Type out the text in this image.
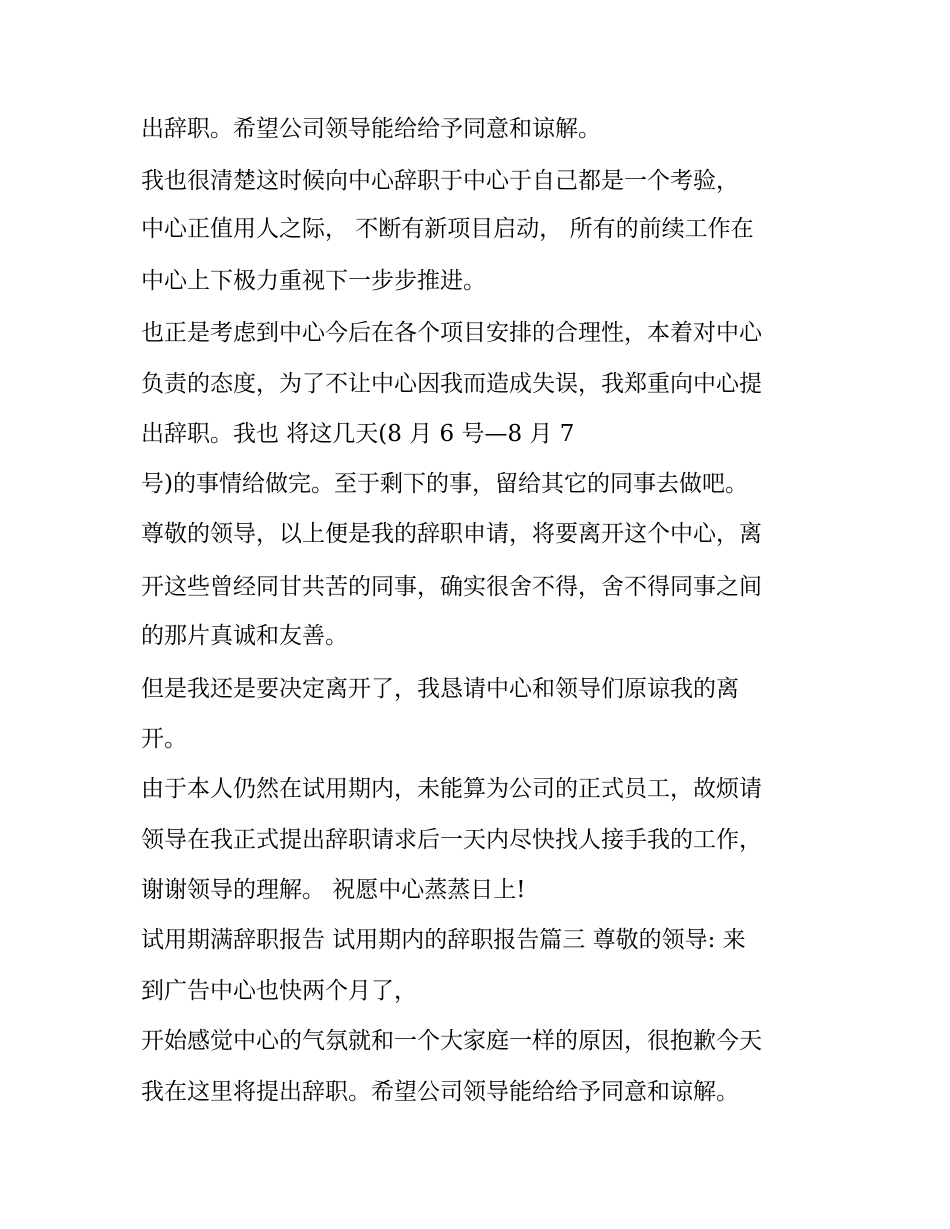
出辞职。希望公司领导能给给予同意和谅解。

我也很清楚这时候向中心辞职于中心于自己都是一个考验，

中心正值用人之际， 不断有新项目启动， 所有的前续工作在

中心上下极力重视下一步步推进。

也正是考虑到中心今后在各个项目安排的合理性，本着对中心

负责的态度，为了不让中心因我而造成失误，我郑重向中心提

出辞职。我也 将这几天(8 月 6 号—8 月 7

号)的事情给做完。至于剩下的事，留给其它的同事去做吧。

尊敬的领导，以上便是我的辞职申请，将要离开这个中心，离

开这些曾经同甘共苦的同事，确实很舍不得，舍不得同事之间

的那片真诚和友善。

但是我还是要决定离开了，我恳请中心和领导们原谅我的离

开。

由于本人仍然在试用期内，未能算为公司的正式员工，故烦请

领导在我正式提出辞职请求后一天内尽快找人接手我的工作，

谢谢领导的理解。 祝愿中心蒸蒸日上!

试用期满辞职报告 试用期内的辞职报告篇三 尊敬的领导: 来

到广告中心也快两个月了，

开始感觉中心的气氛就和一个大家庭一样的原因，很抱歉今天

我在这里将提出辞职。希望公司领导能给给予同意和谅解。
